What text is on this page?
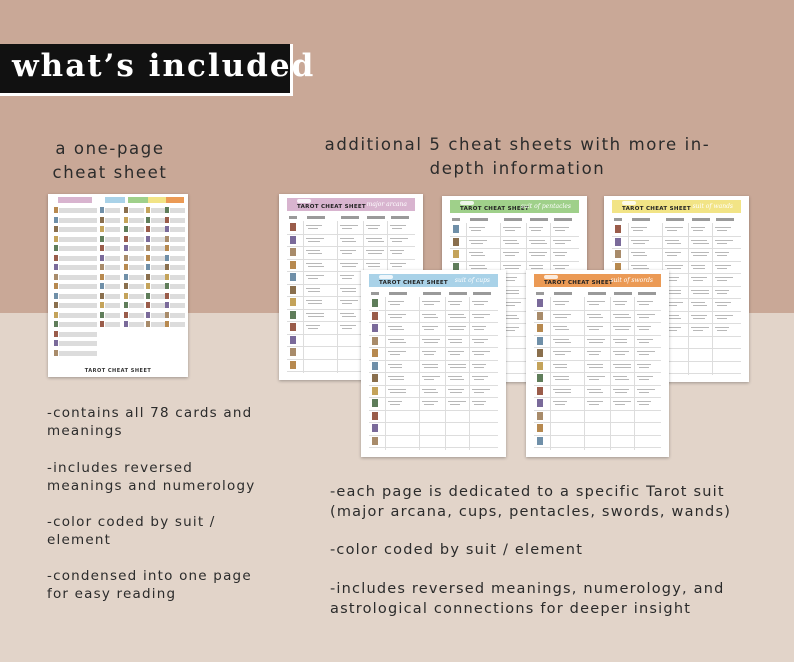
what’s included
a one-page cheat sheet
additional 5 cheat sheets with more in-depth information
TAROT CHEAT SHEET
TAROT CHEAT SHEET major arcana
TAROT CHEAT SHEET
suit of pentacles	TAROT CHEAT SHEET suit of wands
TAROT CHEAT SHEET suit of cups	TAROT CHEAT SHEET
suit of swords
-contains all 78 cards and meanings
-includes reversed meanings and numerology
-color coded by suit / element
-condensed into one page for easy reading
-each page is dedicated to a specific Tarot suit (major arcana, cups, pentacles, swords, wands)
-color coded by suit / element
-includes reversed meanings, numerology, and astrological connections for deeper insight
